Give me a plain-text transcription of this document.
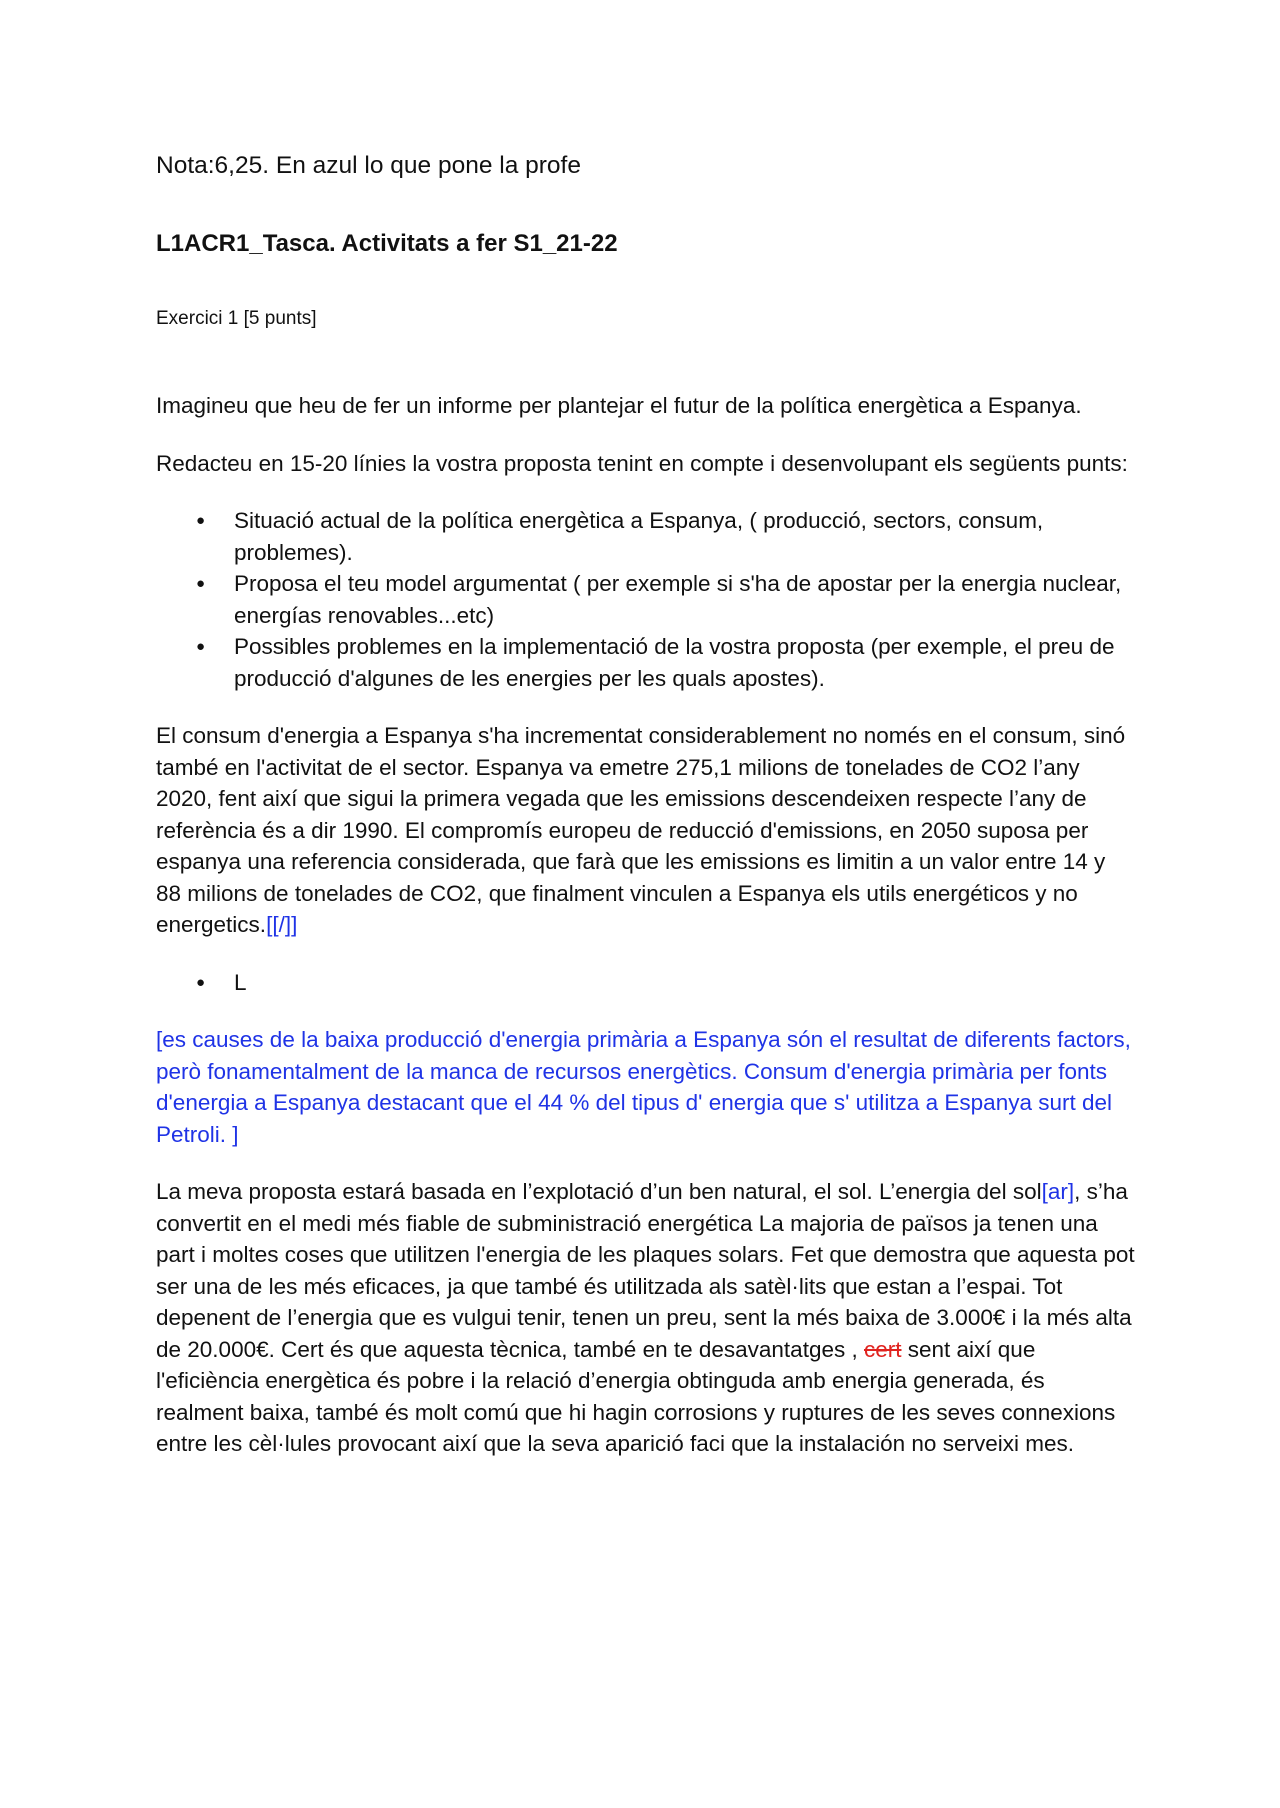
Nota:6,25. En azul lo que pone la profe

L1ACR1_Tasca. Activitats a fer S1_21-22

Exercici 1 [5 punts]

Imagineu que heu de fer un informe per plantejar el futur de la política energètica a Espanya.

Redacteu en 15-20 línies la vostra proposta tenint en compte i desenvolupant els següents punts:

● Situació actual de la política energètica a Espanya, ( producció, sectors, consum, problemes).
● Proposa el teu model argumentat ( per exemple si s'ha de apostar per la energia nuclear, energías renovables...etc)
● Possibles problemes en la implementació de la vostra proposta (per exemple, el preu de producció d'algunes de les energies per les quals apostes).

El consum d'energia a Espanya s'ha incrementat considerablement no només en el consum, sinó també en l'activitat de el sector. Espanya va emetre 275,1 milions de tonelades de CO2 l’any 2020, fent així que sigui la primera vegada que les emissions descendeixen respecte l’any de referència és a dir 1990. El compromís europeu de reducció d'emissions, en 2050 suposa per espanya una referencia considerada, que farà que les emissions es limitin a un valor entre 14 y 88 milions de tonelades de CO2, que finalment vinculen a Espanya els utils energéticos y no energetics.[[/]]

● L

[es causes de la baixa producció d'energia primària a Espanya són el resultat de diferents factors, però fonamentalment de la manca de recursos energètics. Consum d'energia primària per fonts d'energia a Espanya destacant que el 44 % del tipus d' energia que s' utilitza a Espanya surt del Petroli. ]

La meva proposta estará basada en l’explotació d’un ben natural, el sol. L’energia del sol[ar], s’ha convertit en el medi més fiable de subministració energética La majoria de països ja tenen una part i moltes coses que utilitzen l'energia de les plaques solars. Fet que demostra que aquesta pot ser una de les més eficaces, ja que també és utilitzada als satèl·lits que estan a l’espai. Tot depenent de l’energia que es vulgui tenir, tenen un preu, sent la més baixa de 3.000€ i la més alta de 20.000€. Cert és que aquesta tècnica, també en te desavantatges , cert sent així que l'eficiència energètica és pobre i la relació d’energia obtinguda amb energia generada, és realment baixa, també és molt comú que hi hagin corrosions y ruptures de les seves connexions entre les cèl·lules provocant així que la seva aparició faci que la instalación no serveixi mes.
